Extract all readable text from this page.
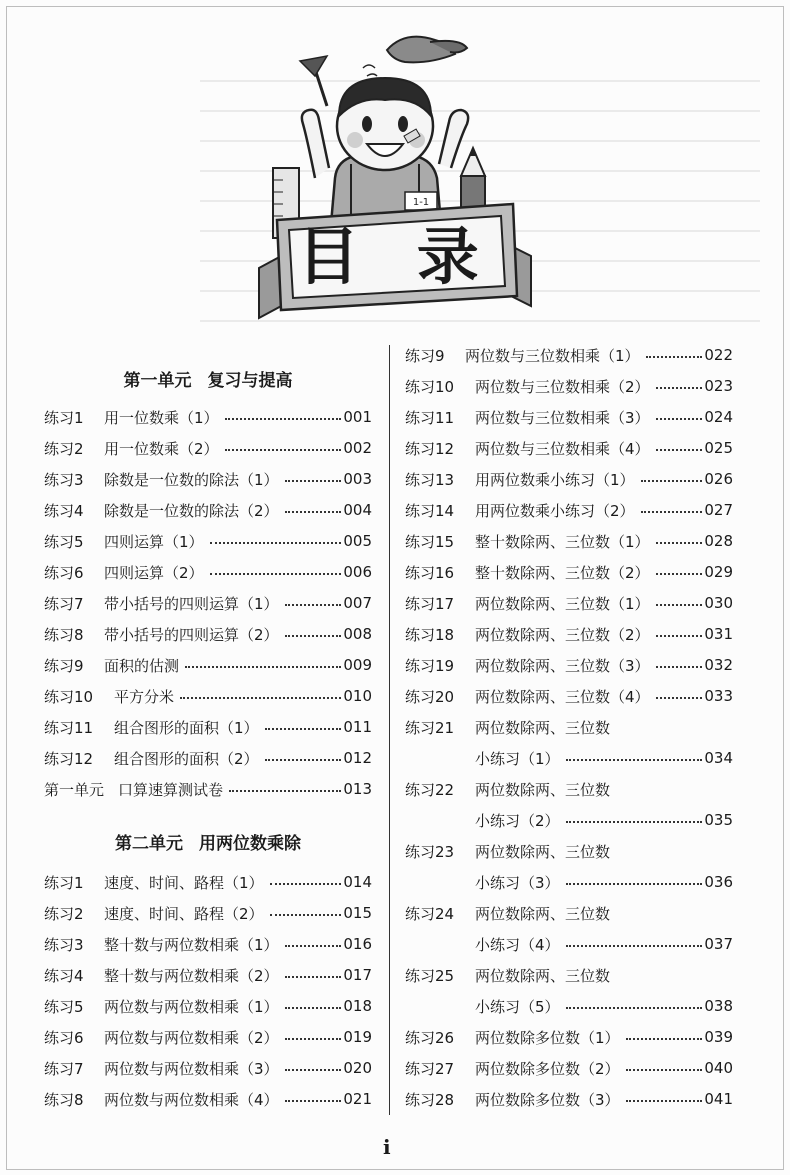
1-1
目 录
第一单元 复习与提高
练习1	用一位数乘（1）	001
练习2	用一位数乘（2）	002
练习3	除数是一位数的除法（1）	003
练习4	除数是一位数的除法（2）	004
练习5	四则运算（1）	005
练习6	四则运算（2）	006
练习7	带小括号的四则运算（1）	007
练习8	带小括号的四则运算（2）	008
练习9	面积的估测	009
练习10	平方分米	010
练习11	组合图形的面积（1）	011
练习12	组合图形的面积（2）	012
第一单元 口算速算测试卷	013
第二单元 用两位数乘除
练习1	速度、时间、路程（1）	014
练习2	速度、时间、路程（2）	015
练习3	整十数与两位数相乘（1）	016
练习4	整十数与两位数相乘（2）	017
练习5	两位数与两位数相乘（1）	018
练习6	两位数与两位数相乘（2）	019
练习7	两位数与两位数相乘（3）	020
练习8	两位数与两位数相乘（4）	021
练习9	两位数与三位数相乘（1）	022
练习10	两位数与三位数相乘（2）	023
练习11	两位数与三位数相乘（3）	024
练习12	两位数与三位数相乘（4）	025
练习13	用两位数乘小练习（1）	026
练习14	用两位数乘小练习（2）	027
练习15	整十数除两、三位数（1）	028
练习16	整十数除两、三位数（2）	029
练习17	两位数除两、三位数（1）	030
练习18	两位数除两、三位数（2）	031
练习19	两位数除两、三位数（3）	032
练习20	两位数除两、三位数（4）	033
练习21	两位数除两、三位数
小练习（1）	034
练习22	两位数除两、三位数
小练习（2）	035
练习23	两位数除两、三位数
小练习（3）	036
练习24	两位数除两、三位数
小练习（4）	037
练习25	两位数除两、三位数
小练习（5）	038
练习26	两位数除多位数（1）	039
练习27	两位数除多位数（2）	040
练习28	两位数除多位数（3）	041
i
